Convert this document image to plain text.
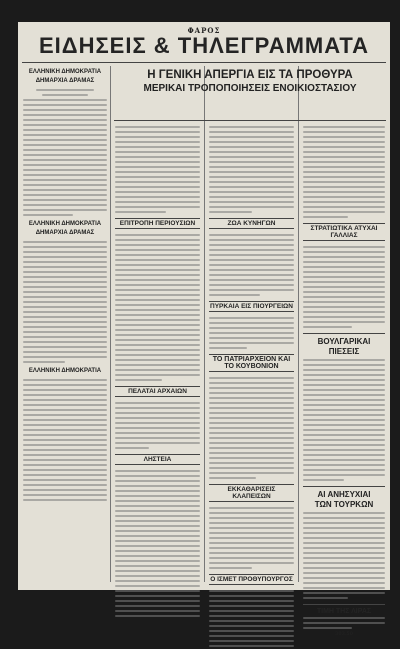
ΦΑΡΟΣ
ΕΙΔΗΣΕΙΣ & ΤΗΛΕΓΡΑΜΜΑΤΑ
ΕΛΛΗΝΙΚΗ ΔΗΜΟΚΡΑΤΙΑ
ΔΗΜΑΡΧΙΑ ΔΡΑΜΑΣ
ΕΛΛΗΝΙΚΗ ΔΗΜΟΚΡΑΤΙΑ
ΔΗΜΑΡΧΙΑ ΔΡΑΜΑΣ
ΕΛΛΗΝΙΚΗ ΔΗΜΟΚΡΑΤΙΑ
Η ΓΕΝΙΚΗ ΑΠΕΡΓΙΑ ΕΙΣ ΤΑ ΠΡΟΘΥΡΑ
ΜΕΡΙΚΑΙ ΤΡΟΠΟΠΟΙΗΣΕΙΣ ΕΝΟΙΚΙΟΣΤΑΣΙΟΥ
ΕΠΙΤΡΟΠΗ ΠΕΡΙΟΥΣΙΩΝ
ΠΕΛΑΤΑΙ ΑΡΧΑΙΩΝ
ΛΗΣΤΕΙΑ
ΖΩΑ ΚΥΝΗΓΩΝ
ΠΥΡΚΑΙΑ ΕΙΣ ΠΙΟΥΡΓΕΙΩΝ
ΤΟ ΠΑΤΡΙΑΡΧΕΙΟΝ ΚΑΙ ΤΟ ΚΟΥΒΟΝΙΟΝ
ΕΚΚΑΘΑΡΙΣΕΙΣ ΚΛΑΠΕΙΣΩΝ
Ο ΙΣΜΕΤ ΠΡΟΘΥΠΟΥΡΓΟΣ
ΣΤΡΑΤΙΩΤΙΚΑ ΑΤΥΧΑΙ ΓΑΛΛΙΑΣ
ΒΟΥΛΓΑΡΙΚΑΙ ΠΙΕΣΕΙΣ
ΑΙ ΑΝΗΣΥΧΙΑΙ
ΤΩΝ ΤΟΥΡΚΩΝ
ΤΙΜΗ ΤΗΣ ΛΙΡΑΣ
303.50
